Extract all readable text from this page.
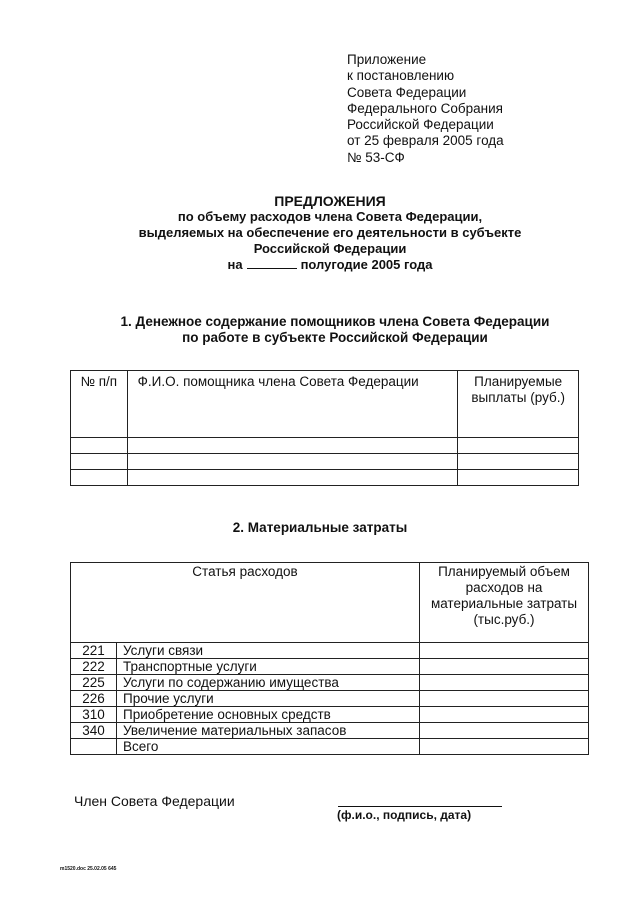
Приложение
к постановлению
Совета Федерации
Федерального Собрания
Российской Федерации
от 25 февраля 2005 года
№ 53-СФ
ПРЕДЛОЖЕНИЯ
по объему расходов члена Совета Федерации,
выделяемых на обеспечение его деятельности в субъекте
Российской Федерации
на	полугодие 2005 года
1. Денежное содержание помощников члена Совета Федерации
по работе в субъекте Российской Федерации
№ п/п	Ф.И.О. помощника члена Совета Федерации	Планируемые выплаты (руб.)

2. Материальные затраты
Статья расходов		Планируемый объем расходов на материальные затраты (тыс.руб.)
221	Услуги связи	
222	Транспортные услуги	
225	Услуги по содержанию имущества	
226	Прочие услуги	
310	Приобретение основных средств	
340	Увеличение материальных запасов	
	Всего	
Член Совета Федерации
(ф.и.о., подпись, дата)
m1520.doc 25.02.05 645
